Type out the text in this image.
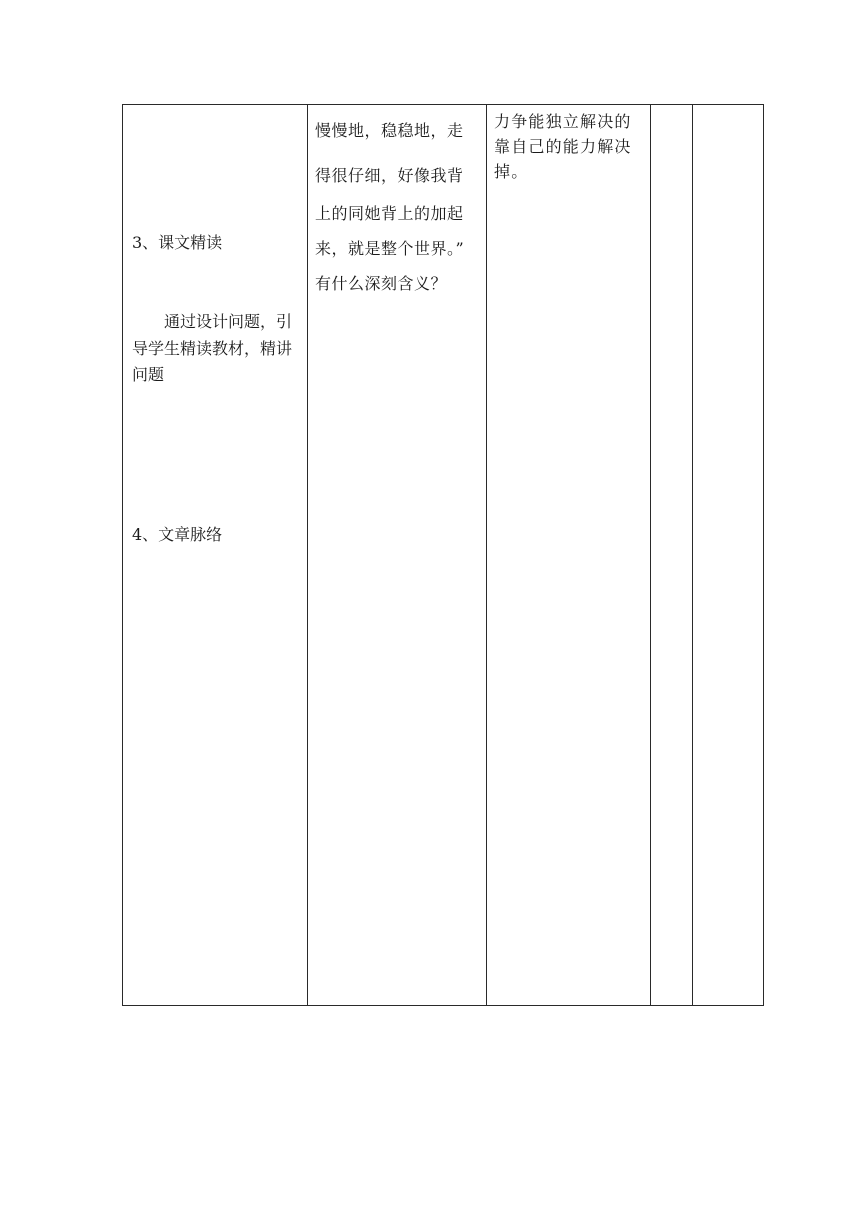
3、课文精读
通过设计问题，引
导学生精读教材，精讲
问题
4、文章脉络
慢慢地，稳稳地，走
得很仔细，好像我背
上的同她背上的加起
来，就是整个世界。”
有什么深刻含义？
力争能独立解决的
靠自己的能力解决
掉。
